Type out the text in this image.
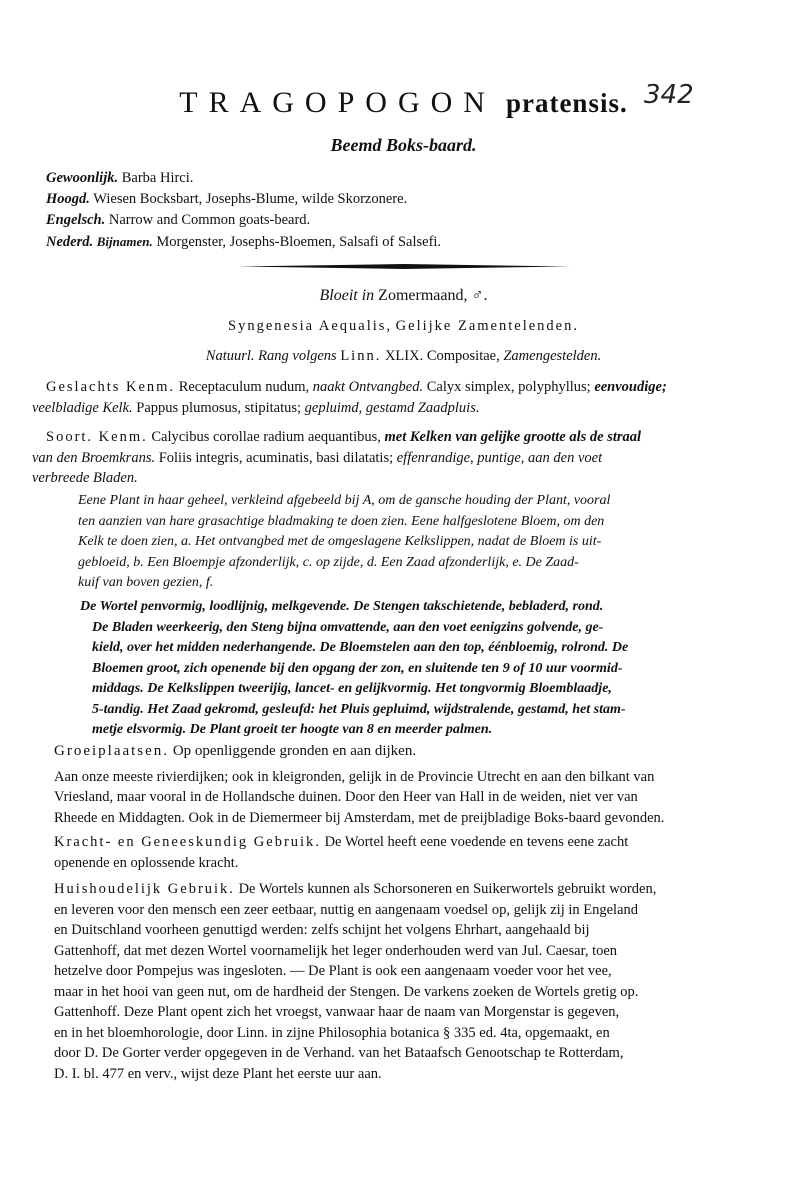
TRAGOPOGON pratensis. 342
Beemd Boks-baard.
Gewoonlijk. Barba Hirci.
Hoogd. Wiesen Bocksbart, Josephs-Blume, wilde Skorzonere.
Engelsch. Narrow and Common goats-beard.
Nederd. Bijnamen. Morgenster, Josephs-Bloemen, Salsafi of Salsefi.
Bloeit in Zomermaand, ♂.
Syngenesia Aequalis, Gelijke Zamentelenden.
Natuurl. Rang volgens Linn. XLIX. Compositae, Zamengestelden.
Geslachts Kenm. Receptaculum nudum, naakt Ontvangbed. Calyx simplex, polyphyllus; eenvoudige;
veelbladige Kelk. Pappus plumosus, stipitatus; gepluimd, gestamd Zaadpluis.
Soort. Kenm. Calycibus corollae radium aequantibus, met Kelken van gelijke grootte als de straal
van den Broemkrans. Foliis integris, acuminatis, basi dilatatis; effenrandige, puntige, aan den voet
verbreede Bladen.
Eene Plant in haar geheel, verkleind afgebeeld bij A, om de gansche houding der Plant, vooral
ten aanzien van hare grasachtige bladmaking te doen zien. Eene halfgeslotene Bloem, om den
Kelk te doen zien, a. Het ontvangbed met de omgeslagene Kelkslippen, nadat de Bloem is uit-
gebloeid, b. Een Bloempje afzonderlijk, c. op zijde, d. Een Zaad afzonderlijk, e. De Zaad-
kuif van boven gezien, f.
De Wortel penvormig, loodlijnig, melkgevende. De Stengen takschietende, bebladerd, rond.
De Bladen weerkeerig, den Steng bijna omvattende, aan den voet eenigzins golvende, ge-
kield, over het midden nederhangende. De Bloemstelen aan den top, éénbloemig, rolrond. De
Bloemen groot, zich openende bij den opgang der zon, en sluitende ten 9 of 10 uur voormid-
middags. De Kelkslippen tweerijig, lancet- en gelijkvormig. Het tongvormig Bloemblaadje,
5-tandig. Het Zaad gekromd, gesleufd: het Pluis gepluimd, wijdstralende, gestamd, het stam-
metje elsvormig. De Plant groeit ter hoogte van 8 en meerder palmen.
Groeiplaatsen. Op openliggende gronden en aan dijken.
Aan onze meeste rivierdijken; ook in kleigronden, gelijk in de Provincie Utrecht en aan den bilkant van
Vriesland, maar vooral in de Hollandsche duinen. Door den Heer van Hall in de weiden, niet ver van
Rheede en Middagten. Ook in de Diemermeer bij Amsterdam, met de preijbladige Boks-baard gevonden.
Kracht- en Geneeskundig Gebruik. De Wortel heeft eene voedende en tevens eene zacht
openende en oplossende kracht.
Huishoudelijk Gebruik. De Wortels kunnen als Schorsoneren en Suikerwortels gebruikt worden,
en leveren voor den mensch een zeer eetbaar, nuttig en aangenaam voedsel op, gelijk zij in Engeland
en Duitschland voorheen genuttigd werden: zelfs schijnt het volgens Ehrhart, aangehaald bij
Gattenhoff, dat met dezen Wortel voornamelijk het leger onderhouden werd van Jul. Caesar, toen
hetzelve door Pompejus was ingesloten. — De Plant is ook een aangenaam voeder voor het vee,
maar in het hooi van geen nut, om de hardheid der Stengen. De varkens zoeken de Wortels gretig op.
Gattenhoff. Deze Plant opent zich het vroegst, vanwaar haar de naam van Morgenstar is gegeven,
en in het bloemhorologie, door Linn. in zijne Philosophia botanica § 335 ed. 4ta, opgemaakt, en
door D. De Gorter verder opgegeven in de Verhand. van het Bataafsch Genootschap te Rotterdam,
D. I. bl. 477 en verv., wijst deze Plant het eerste uur aan.
